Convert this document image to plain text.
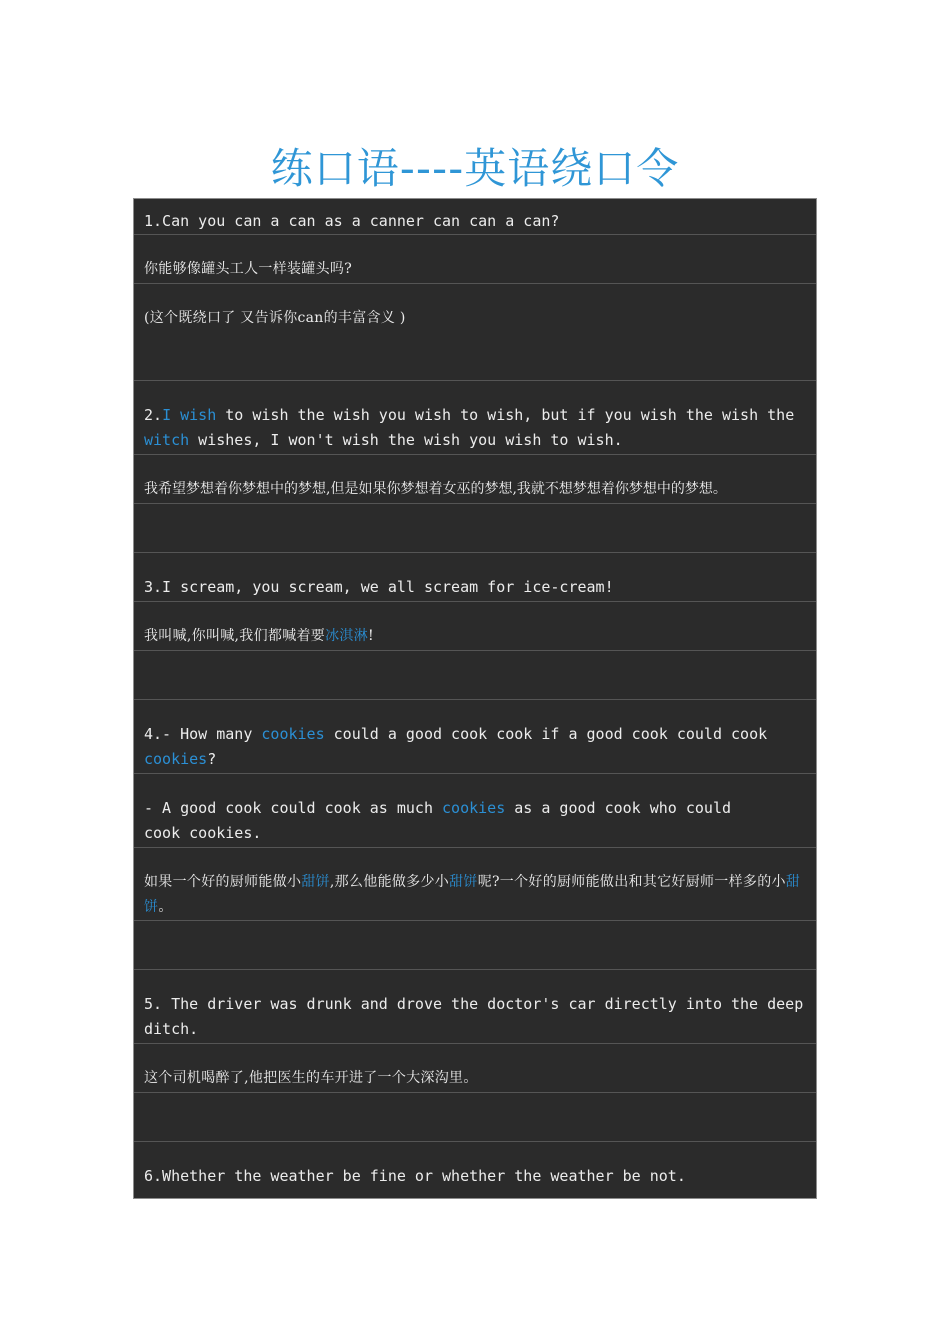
练口语----英语绕口令
1.Can you can a can as a canner can can a can?
你能够像罐头工人一样装罐头吗?
(这个既绕口了 又告诉你can的丰富含义 )
2.I wish to wish the wish you wish to wish, but if you wish the wish the witch wishes, I won't wish the wish you wish to wish.
我希望梦想着你梦想中的梦想,但是如果你梦想着女巫的梦想,我就不想梦想着你梦想中的梦想。
3.I scream, you scream, we all scream for ice-cream!
我叫喊,你叫喊,我们都喊着要冰淇淋!
4.- How many cookies could a good cook cook if a good cook could cook cookies?
- A good cook could cook as much cookies as a good cook who could cook cookies.
如果一个好的厨师能做小甜饼,那么他能做多少小甜饼呢?一个好的厨师能做出和其它好厨师一样多的小甜饼。
5. The driver was drunk and drove the doctor's car directly into the deep ditch.
这个司机喝醉了,他把医生的车开进了一个大深沟里。
6.Whether the weather be fine or whether the weather be not.
